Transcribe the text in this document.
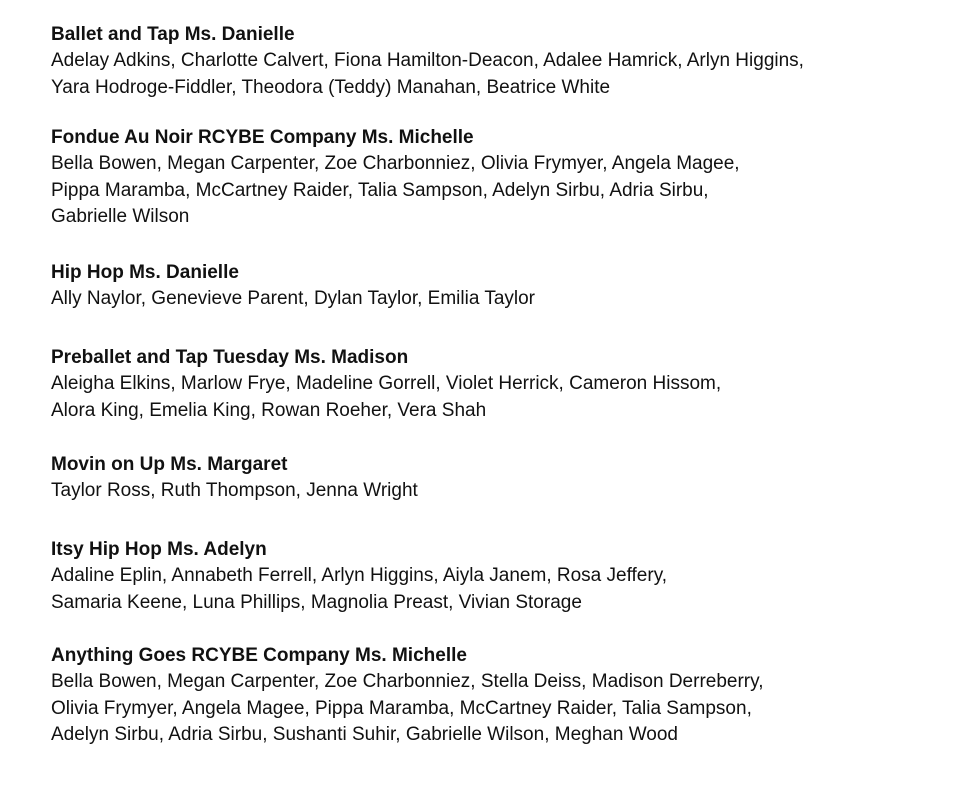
Ballet and Tap Ms. Danielle

Adelay Adkins, Charlotte Calvert, Fiona Hamilton-Deacon, Adalee Hamrick, Arlyn Higgins,

Yara Hodroge-Fiddler, Theodora (Teddy) Manahan, Beatrice White

Fondue Au Noir RCYBE Company Ms. Michelle

Bella Bowen, Megan Carpenter, Zoe Charbonniez, Olivia Frymyer, Angela Magee,

Pippa Maramba, McCartney Raider, Talia Sampson, Adelyn Sirbu, Adria Sirbu,

Gabrielle Wilson

Hip Hop Ms. Danielle

Ally Naylor, Genevieve Parent, Dylan Taylor, Emilia Taylor

Preballet and Tap Tuesday Ms. Madison

Aleigha Elkins, Marlow Frye, Madeline Gorrell, Violet Herrick, Cameron Hissom,

Alora King, Emelia King, Rowan Roeher, Vera Shah

Movin on Up Ms. Margaret

Taylor Ross, Ruth Thompson, Jenna Wright

Itsy Hip Hop Ms. Adelyn

Adaline Eplin, Annabeth Ferrell, Arlyn Higgins, Aiyla Janem, Rosa Jeffery,

Samaria Keene, Luna Phillips, Magnolia Preast, Vivian Storage

Anything Goes RCYBE Company Ms. Michelle

Bella Bowen, Megan Carpenter, Zoe Charbonniez, Stella Deiss, Madison Derreberry,

Olivia Frymyer, Angela Magee, Pippa Maramba, McCartney Raider, Talia Sampson,

Adelyn Sirbu, Adria Sirbu, Sushanti Suhir, Gabrielle Wilson, Meghan Wood
